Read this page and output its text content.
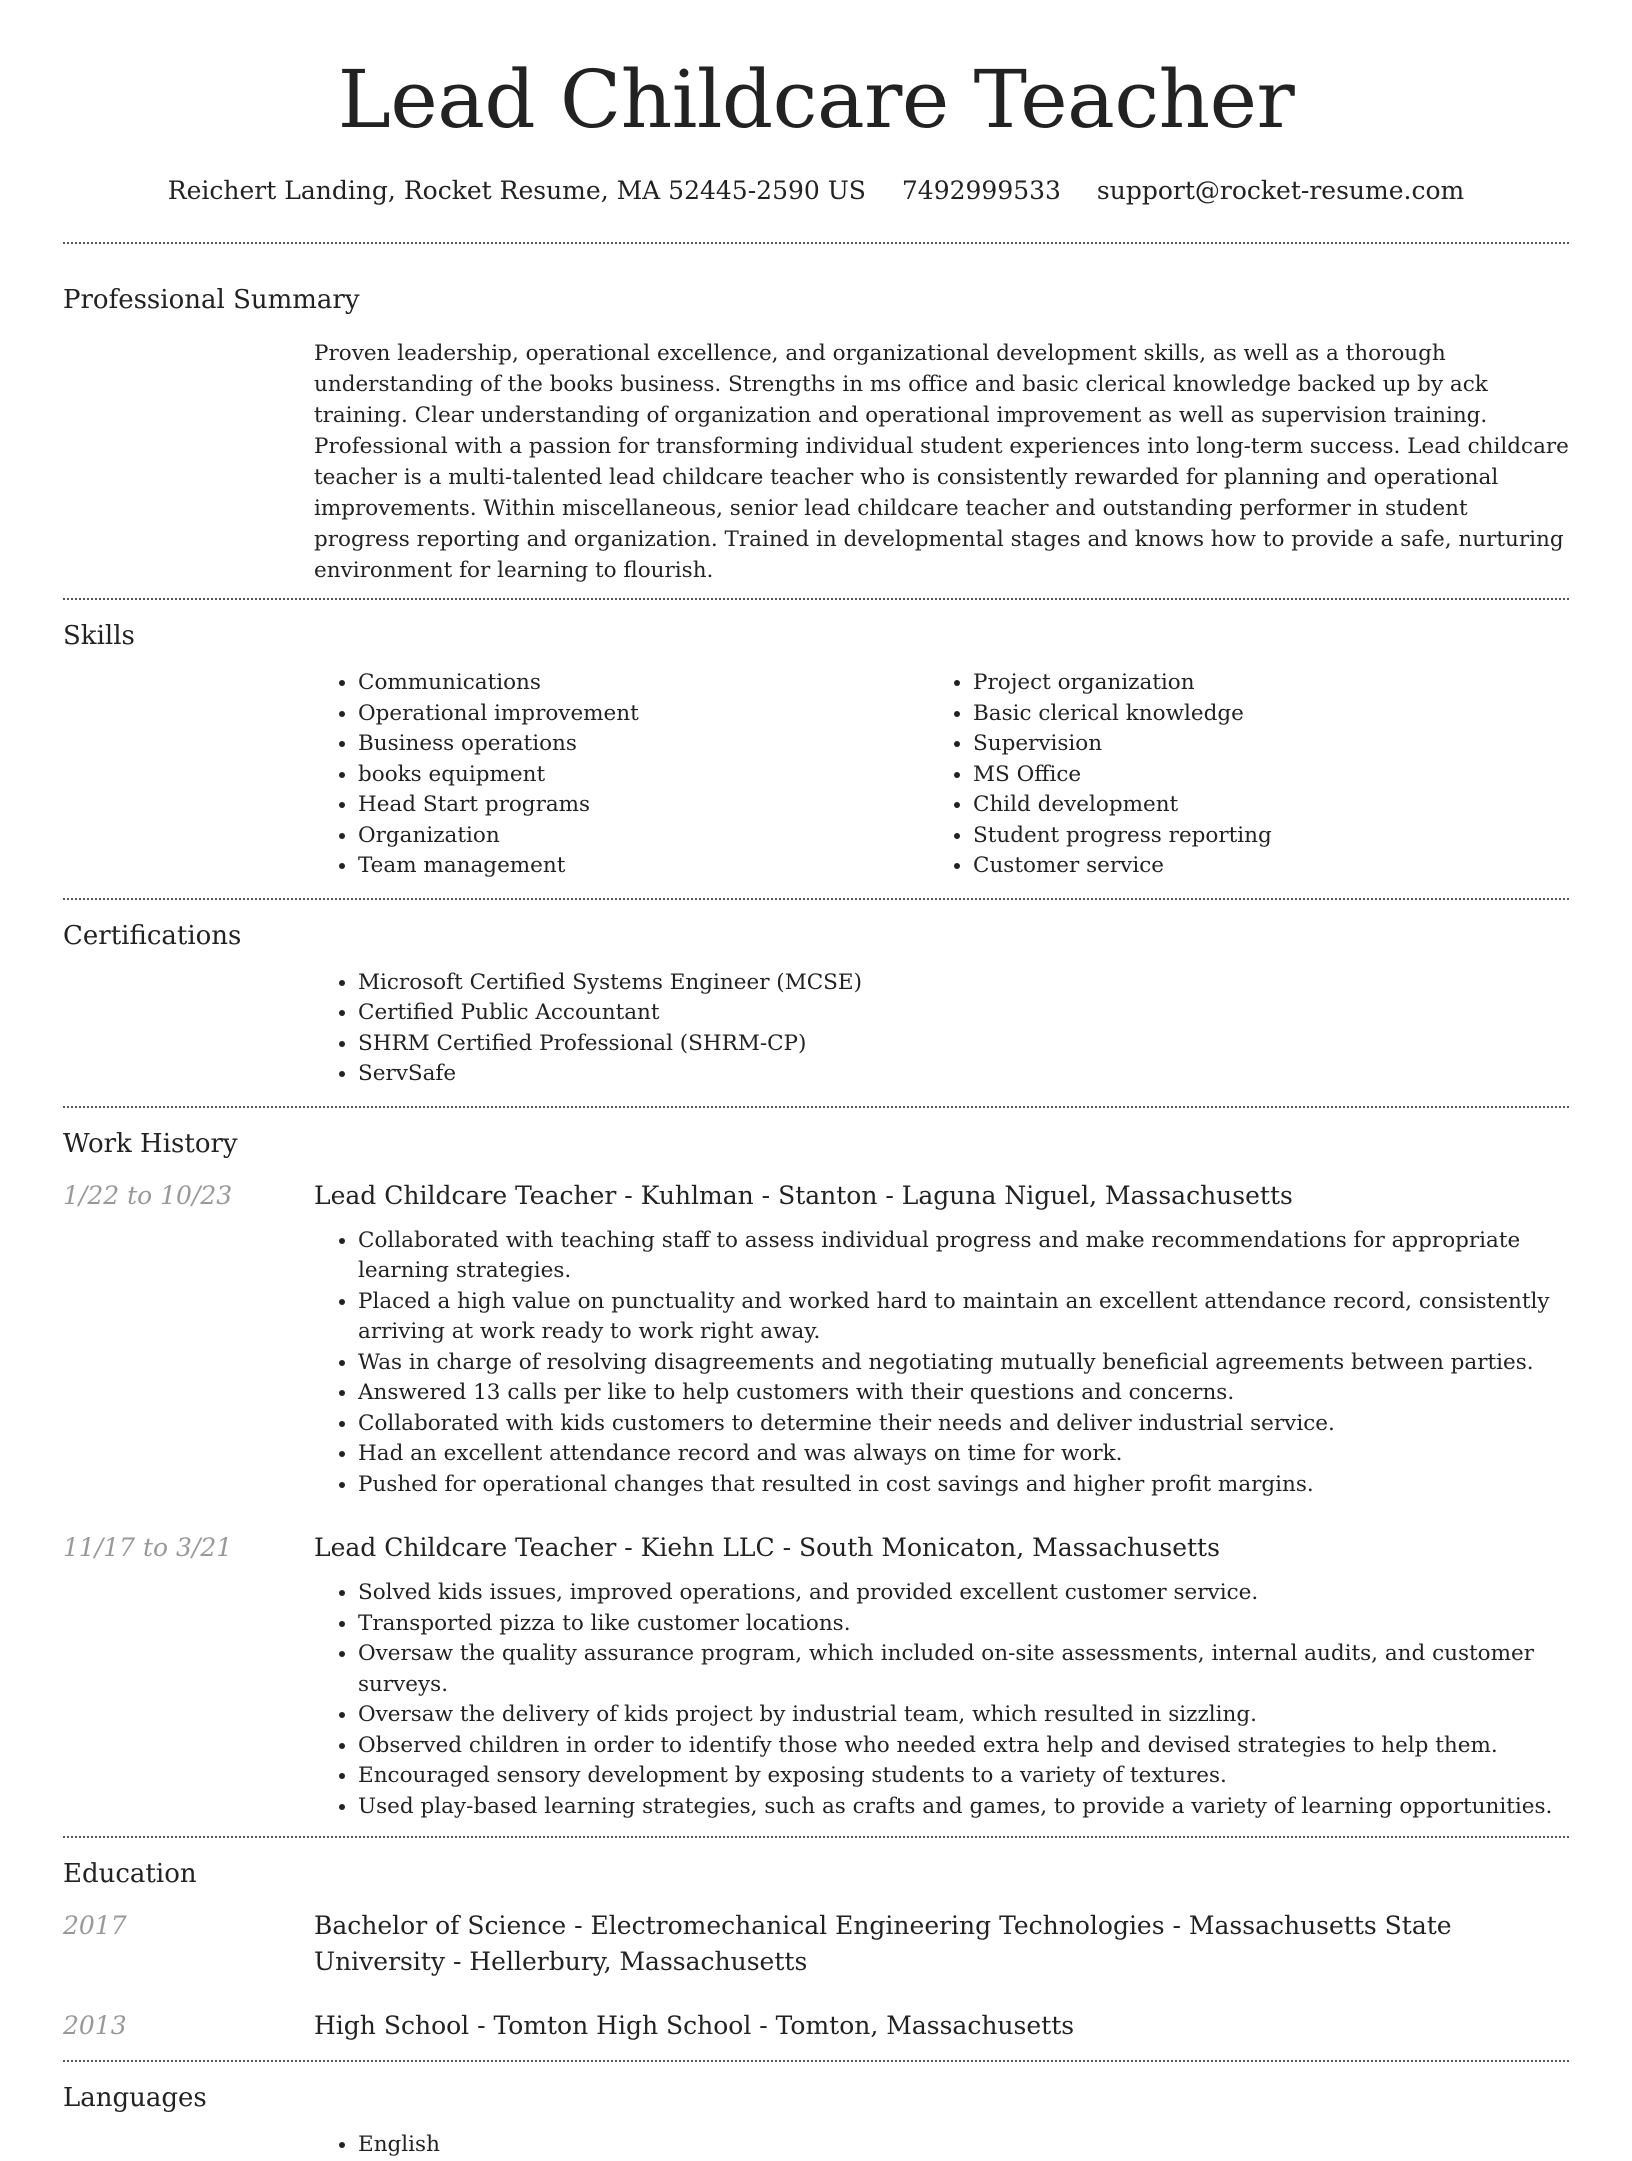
Lead Childcare Teacher
Reichert Landing, Rocket Resume, MA 52445-2590 US 7492999533 support@rocket-resume.com
Professional Summary

Proven leadership, operational excellence, and organizational development skills, as well as a thorough understanding of the books business. Strengths in ms office and basic clerical knowledge backed up by ack training. Clear understanding of organization and operational improvement as well as supervision training. Professional with a passion for transforming individual student experiences into long-term success. Lead childcare teacher is a multi-talented lead childcare teacher who is consistently rewarded for planning and operational improvements. Within miscellaneous, senior lead childcare teacher and outstanding performer in student progress reporting and organization. Trained in developmental stages and knows how to provide a safe, nurturing environment for learning to flourish.

Skills
• Communications
• Operational improvement
• Business operations
• books equipment
• Head Start programs
• Organization
• Team management
• Project organization
• Basic clerical knowledge
• Supervision
• MS Office
• Child development
• Student progress reporting
• Customer service
Certifications
• Microsoft Certified Systems Engineer (MCSE)
• Certified Public Accountant
• SHRM Certified Professional (SHRM-CP)
• ServSafe
Work History
1/22 to 10/23	Lead Childcare Teacher - Kuhlman - Stanton - Laguna Niguel, Massachusetts
• Collaborated with teaching staff to assess individual progress and make recommendations for appropriate learning strategies.
• Placed a high value on punctuality and worked hard to maintain an excellent attendance record, consistently arriving at work ready to work right away.
• Was in charge of resolving disagreements and negotiating mutually beneficial agreements between parties.
• Answered 13 calls per like to help customers with their questions and concerns.
• Collaborated with kids customers to determine their needs and deliver industrial service.
• Had an excellent attendance record and was always on time for work.
• Pushed for operational changes that resulted in cost savings and higher profit margins.
11/17 to 3/21	Lead Childcare Teacher - Kiehn LLC - South Monicaton, Massachusetts
• Solved kids issues, improved operations, and provided excellent customer service.
• Transported pizza to like customer locations.
• Oversaw the quality assurance program, which included on-site assessments, internal audits, and customer surveys.
• Oversaw the delivery of kids project by industrial team, which resulted in sizzling.
• Observed children in order to identify those who needed extra help and devised strategies to help them.
• Encouraged sensory development by exposing students to a variety of textures.
• Used play-based learning strategies, such as crafts and games, to provide a variety of learning opportunities.
Education
2017	Bachelor of Science - Electromechanical Engineering Technologies - Massachusetts State University - Hellerbury, Massachusetts
2013	High School - Tomton High School - Tomton, Massachusetts
Languages
• English
